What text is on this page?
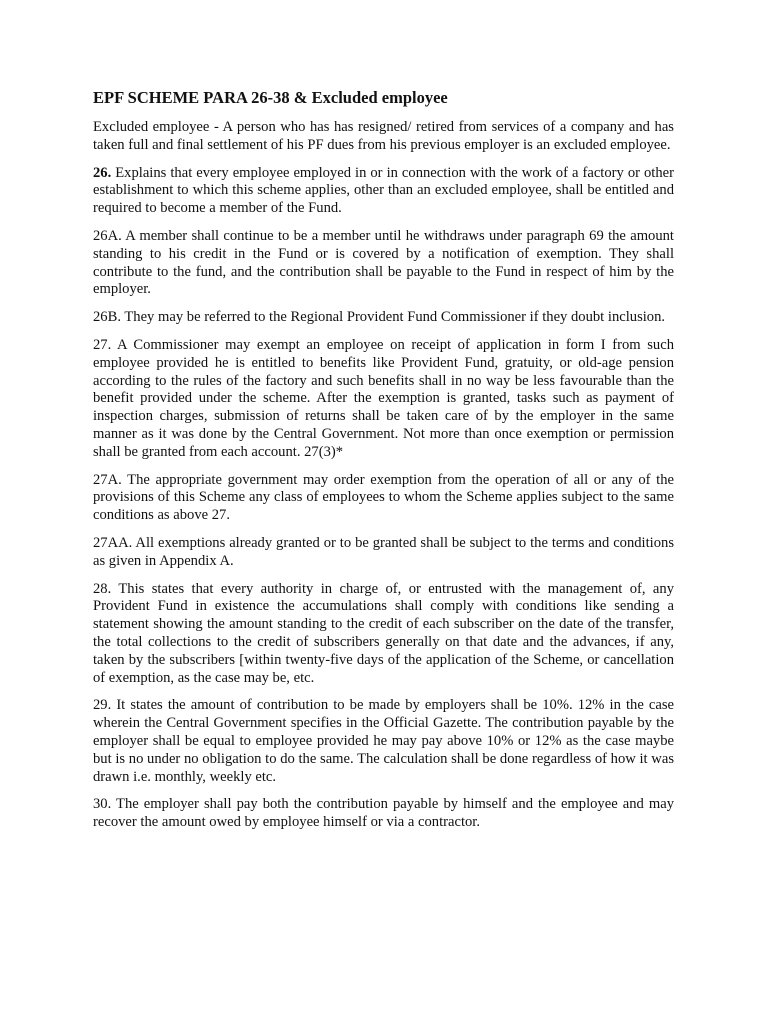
EPF SCHEME PARA 26-38 & Excluded employee

Excluded employee - A person who has has resigned/ retired from services of a company and has taken full and final settlement of his PF dues from his previous employer is an excluded employee.

26. Explains that every employee employed in or in connection with the work of a factory or other establishment to which this scheme applies, other than an excluded employee, shall be entitled and required to become a member of the Fund.

26A. A member shall continue to be a member until he withdraws under paragraph 69 the amount standing to his credit in the Fund or is covered by a notification of exemption. They shall contribute to the fund, and the contribution shall be payable to the Fund in respect of him by the employer.

26B. They may be referred to the Regional Provident Fund Commissioner if they doubt inclusion.

27. A Commissioner may exempt an employee on receipt of application in form I from such employee provided he is entitled to benefits like Provident Fund, gratuity, or old-age pension according to the rules of the factory and such benefits shall in no way be less favourable than the benefit provided under the scheme. After the exemption is granted, tasks such as payment of inspection charges, submission of returns shall be taken care of by the employer in the same manner as it was done by the Central Government. Not more than once exemption or permission shall be granted from each account. 27(3)*

27A. The appropriate government may order exemption from the operation of all or any of the provisions of this Scheme any class of employees to whom the Scheme applies subject to the same conditions as above 27.

27AA. All exemptions already granted or to be granted shall be subject to the terms and conditions as given in Appendix A.

28. This states that every authority in charge of, or entrusted with the management of, any Provident Fund in existence the accumulations shall comply with conditions like sending a statement showing the amount standing to the credit of each subscriber on the date of the transfer, the total collections to the credit of subscribers generally on that date and the advances, if any, taken by the subscribers [within twenty-five days of the application of the Scheme, or cancellation of exemption, as the case may be, etc.

29. It states the amount of contribution to be made by employers shall be 10%. 12% in the case wherein the Central Government specifies in the Official Gazette. The contribution payable by the employer shall be equal to employee provided he may pay above 10% or 12% as the case maybe but is no under no obligation to do the same. The calculation shall be done regardless of how it was drawn i.e. monthly, weekly etc.

30. The employer shall pay both the contribution payable by himself and the employee and may recover the amount owed by employee himself or via a contractor.
